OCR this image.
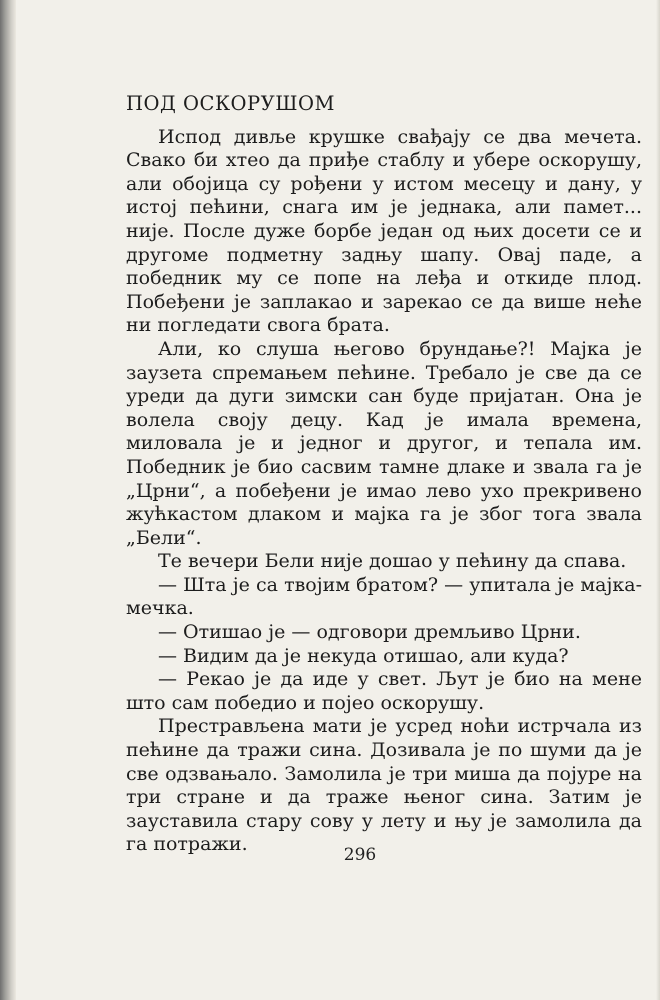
ПОД ОСКОРУШОМ

Испод дивље крушке свађају се два мечета. Свако би хтео да приђе стаблу и убере оскорушу, али обојица су рођени у истом месецу и дану, у истој пећини, снага им је једнака, али памет... није. После дуже борбе један од њих досети се и другоме подметну задњу шапу. Овај паде, а победник му се попе на леђа и откиде плод. Побеђени је заплакао и зарекао се да више неће ни погледати свога брата.

Али, ко слуша његово брундање?! Мајка је заузета спремањем пећине. Требало је све да се уреди да дуги зимски сан буде пријатан. Она је волела своју децу. Кад је имала времена, миловала је и једног и другог, и тепала им. Победник је био сасвим тамне длаке и звала га је „Црни“, а побеђени је имао лево ухо прекривено жућкастом длаком и мајка га је због тога звала „Бели“.

Те вечери Бели није дошао у пећину да спава.

— Шта је са твојим братом? — упитала је мајка-мечка.

— Отишао је — одговори дремљиво Црни.

— Видим да је некуда отишао, али куда?

— Рекао је да иде у свет. Љут је био на мене што сам победио и појео оскорушу.

Престрављена мати је усред ноћи истрчала из пећине да тражи сина. Дозивала је по шуми да је све одзвањало. Замолила је три миша да појуре на три стране и да траже њеног сина. Затим је зауставила стару сову у лету и њу је замолила да га потражи.	296
